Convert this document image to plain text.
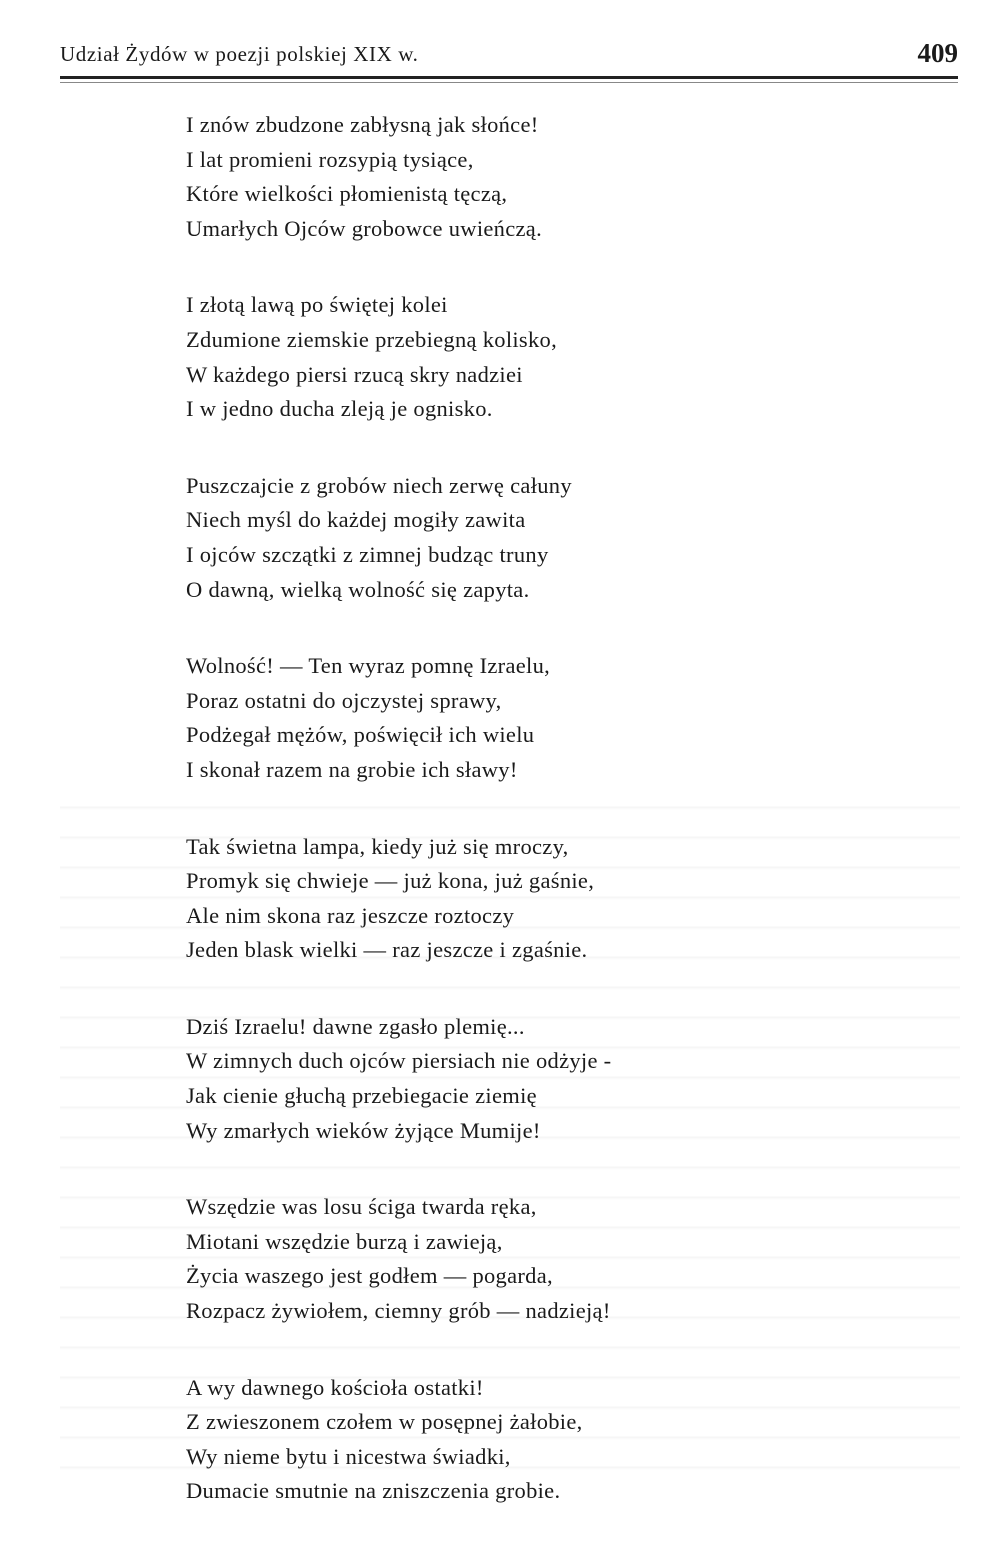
Udział Żydów w poezji polskiej XIX w.	409
I znów zbudzone zabłysną jak słońce!
I lat promieni rozsypią tysiące,
Które wielkości płomienistą tęczą,
Umarłych Ojców grobowce uwieńczą.
I złotą lawą po świętej kolei
Zdumione ziemskie przebiegną kolisko,
W każdego piersi rzucą skry nadziei
I w jedno ducha zleją je ognisko.
Puszczajcie z grobów niech zerwę całuny
Niech myśl do każdej mogiły zawita
I ojców szczątki z zimnej budząc truny
O dawną, wielką wolność się zapyta.
Wolność! — Ten wyraz pomnę Izraelu,
Poraz ostatni do ojczystej sprawy,
Podżegał mężów, poświęcił ich wielu
I skonał razem na grobie ich sławy!
Tak świetna lampa, kiedy już się mroczy,
Promyk się chwieje — już kona, już gaśnie,
Ale nim skona raz jeszcze roztoczy
Jeden blask wielki — raz jeszcze i zgaśnie.
Dziś Izraelu! dawne zgasło plemię...
W zimnych duch ojców piersiach nie odżyje -
Jak cienie głuchą przebiegacie ziemię
Wy zmarłych wieków żyjące Mumije!
Wszędzie was losu ściga twarda ręka,
Miotani wszędzie burzą i zawieją,
Życia waszego jest godłem — pogarda,
Rozpacz żywiołem, ciemny grób — nadzieją!
A wy dawnego kościoła ostatki!
Z zwieszonem czołem w posępnej żałobie,
Wy nieme bytu i nicestwa świadki,
Dumacie smutnie na zniszczenia grobie.
